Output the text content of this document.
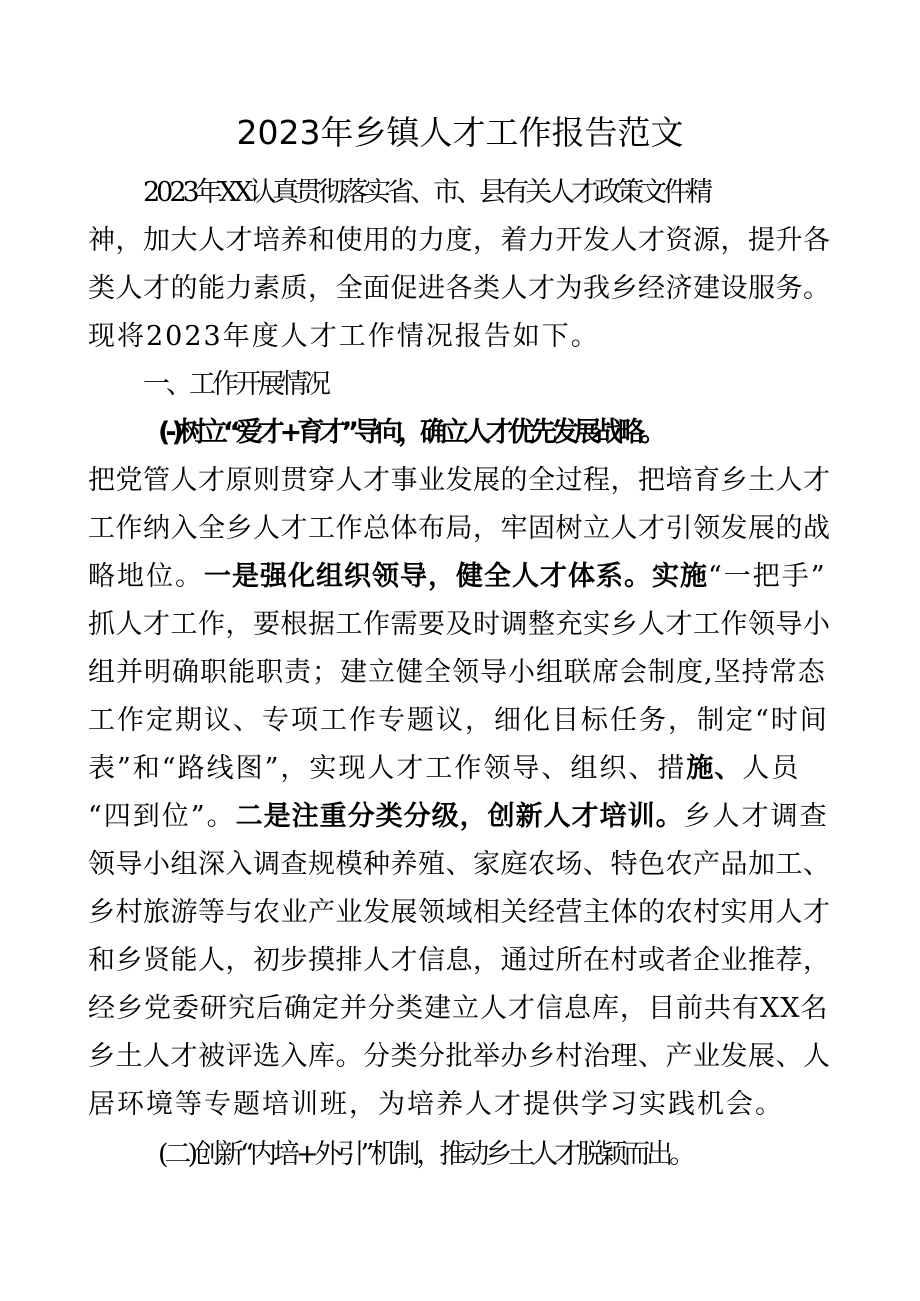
2023年乡镇人才工作报告范文
2023年XX认真贯彻落实省、市、县有关人才政策文件精
神，加大人才培养和使用的力度，着力开发人才资源，提升各
类人才的能力素质，全面促进各类人才为我乡经济建设服务。
现将2023年度人才工作情况报告如下。
一、工作开展情况
(-)树立“爱才+育才”导向，确立人才优先发展战略。
把党管人才原则贯穿人才事业发展的全过程，把培育乡土人才
工作纳入全乡人才工作总体布局，牢固树立人才引领发展的战
略地位。一是强化组织领导，健全人才体系。实施“一把手”
抓人才工作，要根据工作需要及时调整充实乡人才工作领导小
组并明确职能职责；建立健全领导小组联席会制度,坚持常态
工作定期议、专项工作专题议，细化目标任务，制定“时间
表”和“路线图”，实现人才工作领导、组织、措施、人员
“四到位”。二是注重分类分级，创新人才培训。乡人才调查
领导小组深入调查规模种养殖、家庭农场、特色农产品加工、
乡村旅游等与农业产业发展领域相关经营主体的农村实用人才
和乡贤能人，初步摸排人才信息，通过所在村或者企业推荐，
经乡党委研究后确定并分类建立人才信息库，目前共有XX名
乡土人才被评选入库。分类分批举办乡村治理、产业发展、人
居环境等专题培训班，为培养人才提供学习实践机会。
(二)创新“内培+外引”机制，推动乡土人才脱颖而出。
